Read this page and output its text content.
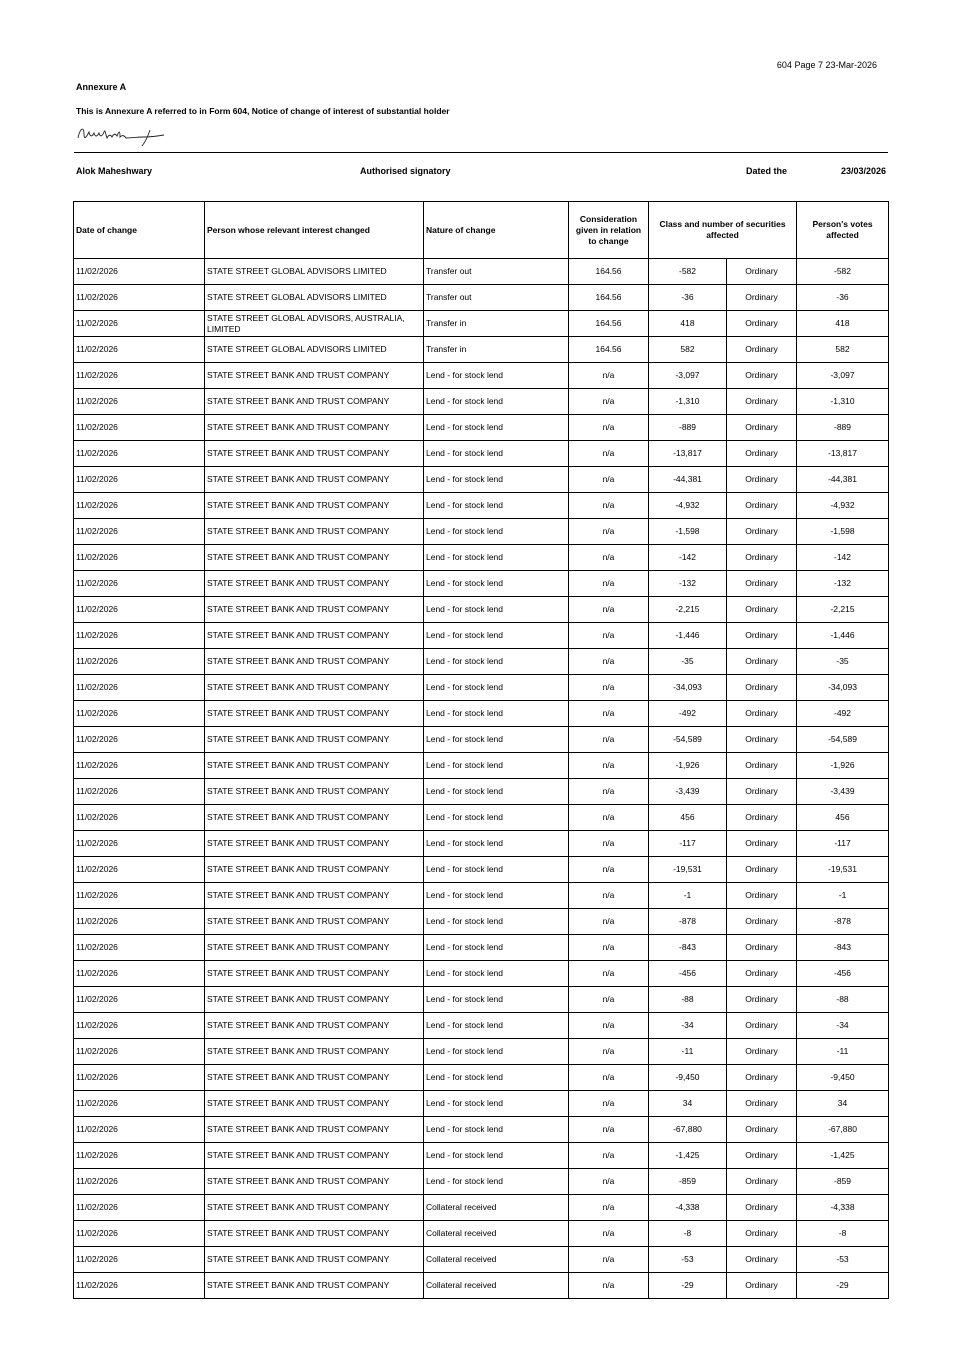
604 Page 7 23-Mar-2026
Annexure A
This is Annexure A referred to in Form 604, Notice of change of interest of substantial holder
Alok Maheshwary	Authorised signatory	Dated the	23/03/2026
Date of change	Person whose relevant interest changed	Nature of change	Consideration given in relation to change	Class and number of securities affected		Person's votes affected
11/02/2026	STATE STREET GLOBAL ADVISORS LIMITED	Transfer out	164.56	-582	Ordinary	-582
11/02/2026	STATE STREET GLOBAL ADVISORS LIMITED	Transfer out	164.56	-36	Ordinary	-36
11/02/2026	STATE STREET GLOBAL ADVISORS, AUSTRALIA, LIMITED	Transfer in	164.56	418	Ordinary	418
11/02/2026	STATE STREET GLOBAL ADVISORS LIMITED	Transfer in	164.56	582	Ordinary	582
11/02/2026	STATE STREET BANK AND TRUST COMPANY	Lend - for stock lend	n/a	-3,097	Ordinary	-3,097
11/02/2026	STATE STREET BANK AND TRUST COMPANY	Lend - for stock lend	n/a	-1,310	Ordinary	-1,310
11/02/2026	STATE STREET BANK AND TRUST COMPANY	Lend - for stock lend	n/a	-889	Ordinary	-889
11/02/2026	STATE STREET BANK AND TRUST COMPANY	Lend - for stock lend	n/a	-13,817	Ordinary	-13,817
11/02/2026	STATE STREET BANK AND TRUST COMPANY	Lend - for stock lend	n/a	-44,381	Ordinary	-44,381
11/02/2026	STATE STREET BANK AND TRUST COMPANY	Lend - for stock lend	n/a	-4,932	Ordinary	-4,932
11/02/2026	STATE STREET BANK AND TRUST COMPANY	Lend - for stock lend	n/a	-1,598	Ordinary	-1,598
11/02/2026	STATE STREET BANK AND TRUST COMPANY	Lend - for stock lend	n/a	-142	Ordinary	-142
11/02/2026	STATE STREET BANK AND TRUST COMPANY	Lend - for stock lend	n/a	-132	Ordinary	-132
11/02/2026	STATE STREET BANK AND TRUST COMPANY	Lend - for stock lend	n/a	-2,215	Ordinary	-2,215
11/02/2026	STATE STREET BANK AND TRUST COMPANY	Lend - for stock lend	n/a	-1,446	Ordinary	-1,446
11/02/2026	STATE STREET BANK AND TRUST COMPANY	Lend - for stock lend	n/a	-35	Ordinary	-35
11/02/2026	STATE STREET BANK AND TRUST COMPANY	Lend - for stock lend	n/a	-34,093	Ordinary	-34,093
11/02/2026	STATE STREET BANK AND TRUST COMPANY	Lend - for stock lend	n/a	-492	Ordinary	-492
11/02/2026	STATE STREET BANK AND TRUST COMPANY	Lend - for stock lend	n/a	-54,589	Ordinary	-54,589
11/02/2026	STATE STREET BANK AND TRUST COMPANY	Lend - for stock lend	n/a	-1,926	Ordinary	-1,926
11/02/2026	STATE STREET BANK AND TRUST COMPANY	Lend - for stock lend	n/a	-3,439	Ordinary	-3,439
11/02/2026	STATE STREET BANK AND TRUST COMPANY	Lend - for stock lend	n/a	456	Ordinary	456
11/02/2026	STATE STREET BANK AND TRUST COMPANY	Lend - for stock lend	n/a	-117	Ordinary	-117
11/02/2026	STATE STREET BANK AND TRUST COMPANY	Lend - for stock lend	n/a	-19,531	Ordinary	-19,531
11/02/2026	STATE STREET BANK AND TRUST COMPANY	Lend - for stock lend	n/a	-1	Ordinary	-1
11/02/2026	STATE STREET BANK AND TRUST COMPANY	Lend - for stock lend	n/a	-878	Ordinary	-878
11/02/2026	STATE STREET BANK AND TRUST COMPANY	Lend - for stock lend	n/a	-843	Ordinary	-843
11/02/2026	STATE STREET BANK AND TRUST COMPANY	Lend - for stock lend	n/a	-456	Ordinary	-456
11/02/2026	STATE STREET BANK AND TRUST COMPANY	Lend - for stock lend	n/a	-88	Ordinary	-88
11/02/2026	STATE STREET BANK AND TRUST COMPANY	Lend - for stock lend	n/a	-34	Ordinary	-34
11/02/2026	STATE STREET BANK AND TRUST COMPANY	Lend - for stock lend	n/a	-11	Ordinary	-11
11/02/2026	STATE STREET BANK AND TRUST COMPANY	Lend - for stock lend	n/a	-9,450	Ordinary	-9,450
11/02/2026	STATE STREET BANK AND TRUST COMPANY	Lend - for stock lend	n/a	34	Ordinary	34
11/02/2026	STATE STREET BANK AND TRUST COMPANY	Lend - for stock lend	n/a	-67,880	Ordinary	-67,880
11/02/2026	STATE STREET BANK AND TRUST COMPANY	Lend - for stock lend	n/a	-1,425	Ordinary	-1,425
11/02/2026	STATE STREET BANK AND TRUST COMPANY	Lend - for stock lend	n/a	-859	Ordinary	-859
11/02/2026	STATE STREET BANK AND TRUST COMPANY	Collateral received	n/a	-4,338	Ordinary	-4,338
11/02/2026	STATE STREET BANK AND TRUST COMPANY	Collateral received	n/a	-8	Ordinary	-8
11/02/2026	STATE STREET BANK AND TRUST COMPANY	Collateral received	n/a	-53	Ordinary	-53
11/02/2026	STATE STREET BANK AND TRUST COMPANY	Collateral received	n/a	-29	Ordinary	-29
